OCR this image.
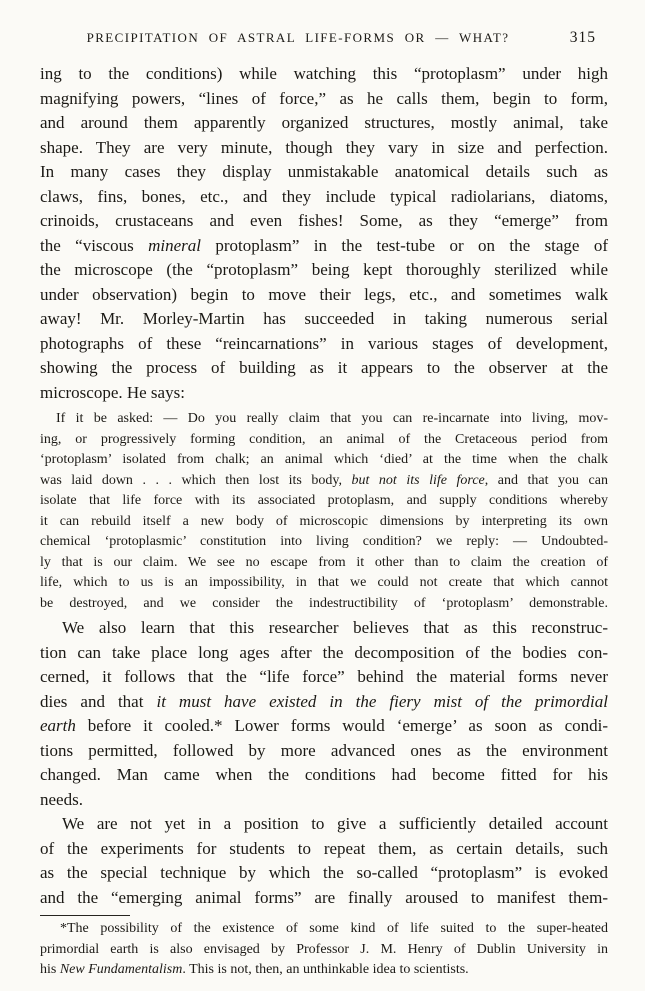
PRECIPITATION OF ASTRAL LIFE-FORMS OR — WHAT?	315
ing to the conditions) while watching this “protoplasm” under high
magnifying powers, “lines of force,” as he calls them, begin to form,
and around them apparently organized structures, mostly animal, take
shape. They are very minute, though they vary in size and perfection.
In many cases they display unmistakable anatomical details such as
claws, fins, bones, etc., and they include typical radiolarians, diatoms,
crinoids, crustaceans and even fishes! Some, as they “emerge” from
the “viscous mineral protoplasm” in the test-tube or on the stage of
the microscope (the “protoplasm” being kept thoroughly sterilized while
under observation) begin to move their legs, etc., and sometimes walk
away! Mr. Morley-Martin has succeeded in taking numerous serial
photographs of these “reincarnations” in various stages of development,
showing the process of building as it appears to the observer at the
microscope. He says:
If it be asked: — Do you really claim that you can re-incarnate into living, mov-
ing, or progressively forming condition, an animal of the Cretaceous period from
‘protoplasm’ isolated from chalk; an animal which ‘died’ at the time when the chalk
was laid down . . . which then lost its body, but not its life force, and that you can
isolate that life force with its associated protoplasm, and supply conditions whereby
it can rebuild itself a new body of microscopic dimensions by interpreting its own
chemical ‘protoplasmic’ constitution into living condition? we reply: — Undoubted-
ly that is our claim. We see no escape from it other than to claim the creation of
life, which to us is an impossibility, in that we could not create that which cannot
be destroyed, and we consider the indestructibility of ‘protoplasm’ demonstrable.
We also learn that this researcher believes that as this reconstruc-
tion can take place long ages after the decomposition of the bodies con-
cerned, it follows that the “life force” behind the material forms never
dies and that it must have existed in the fiery mist of the primordial
earth before it cooled.* Lower forms would ‘emerge’ as soon as condi-
tions permitted, followed by more advanced ones as the environment
changed. Man came when the conditions had become fitted for his
needs.
We are not yet in a position to give a sufficiently detailed account
of the experiments for students to repeat them, as certain details, such
as the special technique by which the so-called “protoplasm” is evoked
and the “emerging animal forms” are finally aroused to manifest them-
*The possibility of the existence of some kind of life suited to the super-heated
primordial earth is also envisaged by Professor J. M. Henry of Dublin University in
his New Fundamentalism. This is not, then, an unthinkable idea to scientists.
